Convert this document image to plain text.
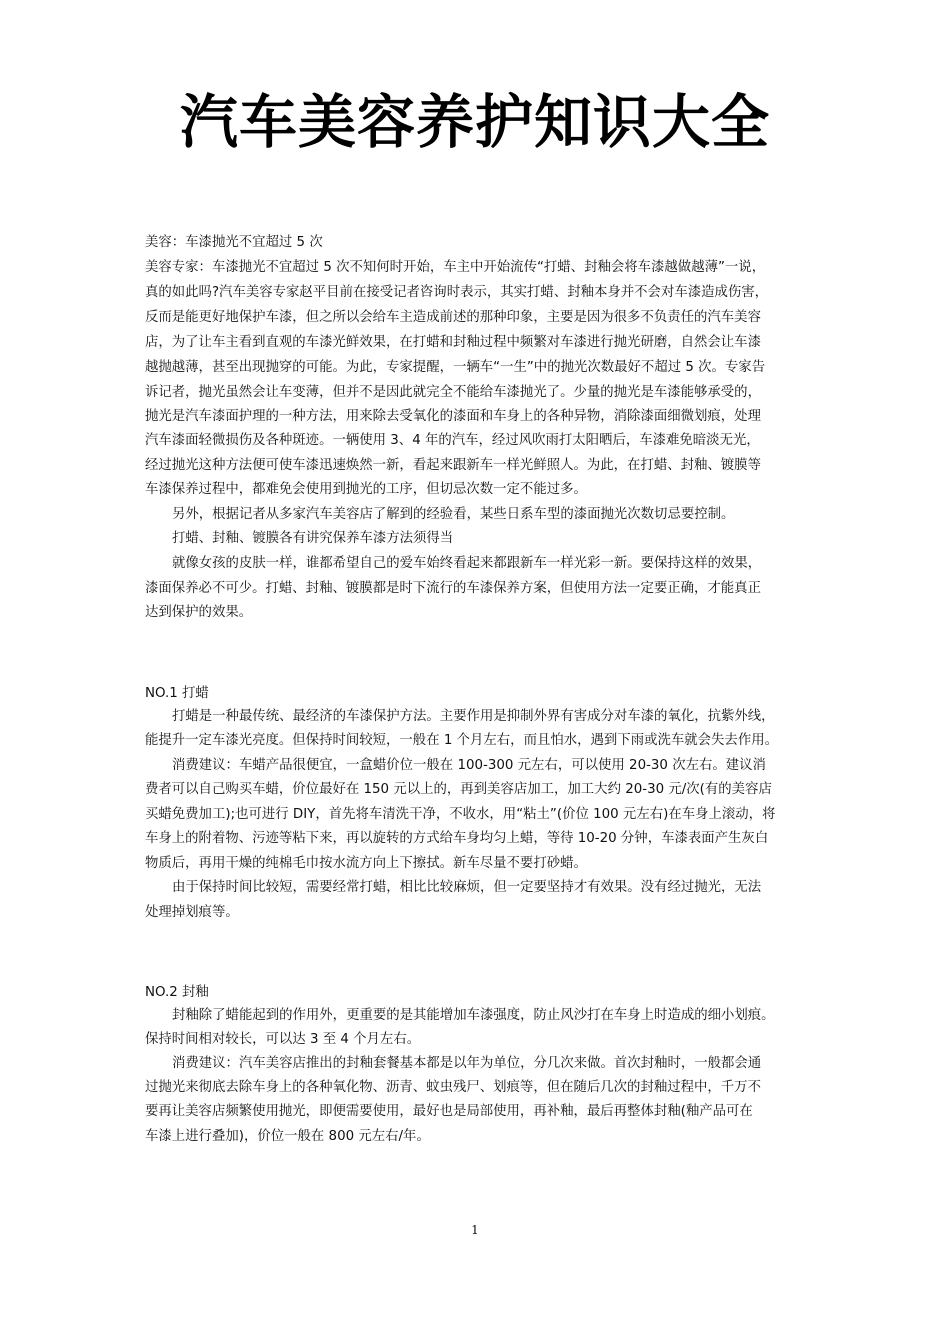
汽车美容养护知识大全
美容：车漆抛光不宜超过 5 次
美容专家：车漆抛光不宜超过 5 次不知何时开始，车主中开始流传“打蜡、封釉会将车漆越做越薄”一说，
真的如此吗?汽车美容专家赵平目前在接受记者咨询时表示，其实打蜡、封釉本身并不会对车漆造成伤害，
反而是能更好地保护车漆，但之所以会给车主造成前述的那种印象，主要是因为很多不负责任的汽车美容
店，为了让车主看到直观的车漆光鲜效果，在打蜡和封釉过程中频繁对车漆进行抛光研磨，自然会让车漆
越抛越薄，甚至出现抛穿的可能。为此，专家提醒，一辆车“一生”中的抛光次数最好不超过 5 次。专家告
诉记者，抛光虽然会让车变薄，但并不是因此就完全不能给车漆抛光了。少量的抛光是车漆能够承受的，
抛光是汽车漆面护理的一种方法，用来除去受氧化的漆面和车身上的各种异物，消除漆面细微划痕，处理
汽车漆面轻微损伤及各种斑迹。一辆使用 3、4 年的汽车，经过风吹雨打太阳晒后，车漆难免暗淡无光，
经过抛光这种方法便可使车漆迅速焕然一新，看起来跟新车一样光鲜照人。为此，在打蜡、封釉、镀膜等
车漆保养过程中，都难免会使用到抛光的工序，但切忌次数一定不能过多。
另外，根据记者从多家汽车美容店了解到的经验看，某些日系车型的漆面抛光次数切忌要控制。
打蜡、封釉、镀膜各有讲究保养车漆方法须得当
就像女孩的皮肤一样，谁都希望自己的爱车始终看起来都跟新车一样光彩一新。要保持这样的效果，
漆面保养必不可少。打蜡、封釉、镀膜都是时下流行的车漆保养方案，但使用方法一定要正确，才能真正
达到保护的效果。
NO.1 打蜡
打蜡是一种最传统、最经济的车漆保护方法。主要作用是抑制外界有害成分对车漆的氧化，抗紫外线，
能提升一定车漆光亮度。但保持时间较短，一般在 1 个月左右，而且怕水，遇到下雨或洗车就会失去作用。
消费建议：车蜡产品很便宜，一盒蜡价位一般在 100-300 元左右，可以使用 20-30 次左右。建议消
费者可以自己购买车蜡，价位最好在 150 元以上的，再到美容店加工，加工大约 20-30 元/次(有的美容店
买蜡免费加工);也可进行 DIY，首先将车清洗干净，不收水，用“粘土”(价位 100 元左右)在车身上滚动，将
车身上的附着物、污迹等粘下来，再以旋转的方式给车身均匀上蜡，等待 10-20 分钟，车漆表面产生灰白
物质后，再用干燥的纯棉毛巾按水流方向上下擦拭。新车尽量不要打砂蜡。
由于保持时间比较短，需要经常打蜡，相比比较麻烦，但一定要坚持才有效果。没有经过抛光，无法
处理掉划痕等。
NO.2 封釉
封釉除了蜡能起到的作用外，更重要的是其能增加车漆强度，防止风沙打在车身上时造成的细小划痕。
保持时间相对较长，可以达 3 至 4 个月左右。
消费建议：汽车美容店推出的封釉套餐基本都是以年为单位，分几次来做。首次封釉时，一般都会通
过抛光来彻底去除车身上的各种氧化物、沥青、蚊虫残尸、划痕等，但在随后几次的封釉过程中，千万不
要再让美容店频繁使用抛光，即便需要使用，最好也是局部使用，再补釉，最后再整体封釉(釉产品可在
车漆上进行叠加)，价位一般在 800 元左右/年。
1
